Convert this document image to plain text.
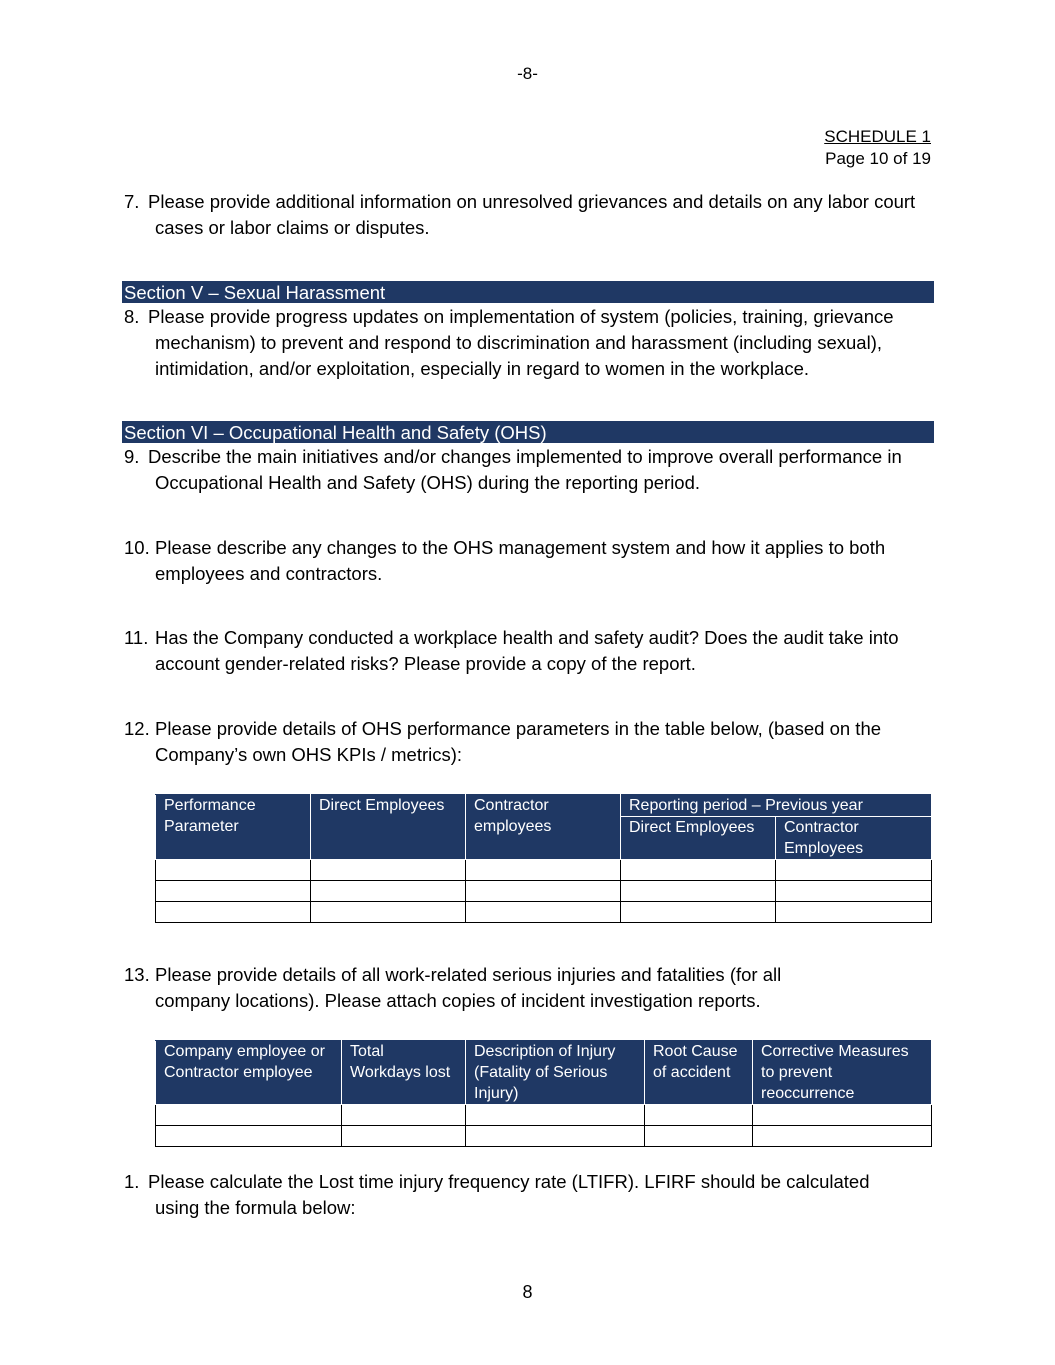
-8-
SCHEDULE 1
Page 10 of 19
7. Please provide additional information on unresolved grievances and details on any labor court
cases or labor claims or disputes.
Section V – Sexual Harassment
8. Please provide progress updates on implementation of system (policies, training, grievance
mechanism) to prevent and respond to discrimination and harassment (including sexual),
intimidation, and/or exploitation, especially in regard to women in the workplace.
Section VI – Occupational Health and Safety (OHS)
9. Describe the main initiatives and/or changes implemented to improve overall performance in
Occupational Health and Safety (OHS) during the reporting period.
10. Please describe any changes to the OHS management system and how it applies to both
employees and contractors.
11. Has the Company conducted a workplace health and safety audit? Does the audit take into
account gender-related risks? Please provide a copy of the report.
12. Please provide details of OHS performance parameters in the table below, (based on the
Company’s own OHS KPIs / metrics):
Performance Parameter	Direct Employees	Contractor employees	Reporting period – Previous year	
			Direct Employees	Contractor Employees

13. Please provide details of all work-related serious injuries and fatalities (for all
company locations). Please attach copies of incident investigation reports.
Company employee or Contractor employee	Total Workdays lost	Description of Injury (Fatality of Serious Injury)	Root Cause of accident	Corrective Measures to prevent reoccurrence

1. Please calculate the Lost time injury frequency rate (LTIFR). LFIRF should be calculated
using the formula below:
8
